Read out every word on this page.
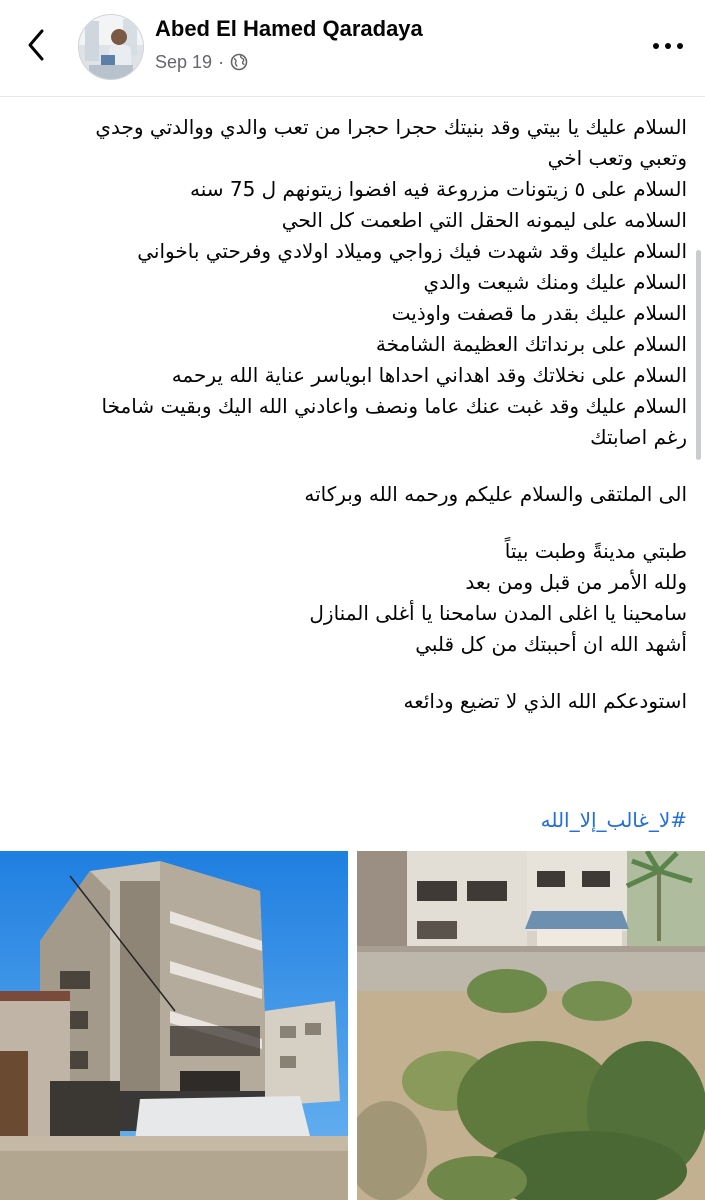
Abed El Hamed Qaradaya
Sep 19 ·

السلام عليك يا بيتي وقد بنيتك حجرا حجرا من تعب والدي ووالدتي وجدي وتعبي وتعب اخي

السلام على ٥ زيتونات مزروعة فيه افضوا زيتونهم ل 75 سنه

السلامه على ليمونه الحقل التي اطعمت كل الحي

السلام عليك وقد شهدت فيك زواجي وميلاد اولادي وفرحتي باخواني

السلام عليك ومنك شيعت والدي

السلام عليك بقدر ما قصفت واوذيت

السلام على برنداتك العظيمة الشامخة

السلام على نخلاتك وقد اهداني احداها ابوياسر عناية الله يرحمه

السلام عليك وقد غبت عنك عاما ونصف واعادني الله اليك وبقيت شامخا رغم اصابتك

الى الملتقى والسلام عليكم ورحمه الله وبركاته

طبتي مدينةً وطبت بيتاً

ولله الأمر من قبل ومن بعد

سامحينا يا اغلى المدن سامحنا يا أغلى المنازل

أشهد الله ان أحببتك من كل قلبي

استودعكم الله الذي لا تضيع ودائعه

#لا_غالب_إلا_الله
